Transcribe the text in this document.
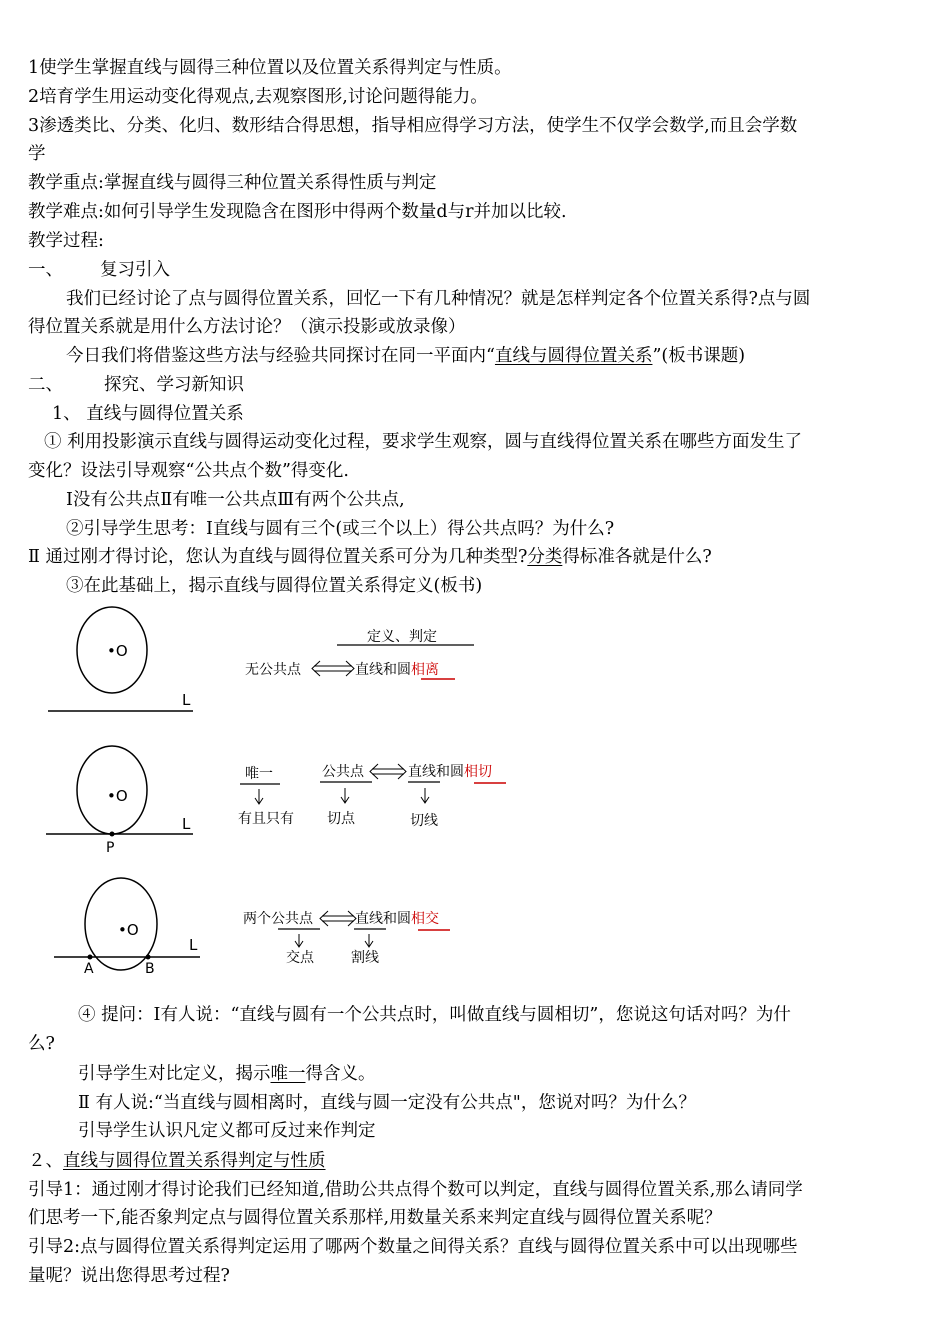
1使学生掌握直线与圆得三种位置以及位置关系得判定与性质。
2培育学生用运动变化得观点,去观察图形,讨论问题得能力。
3渗透类比、分类、化归、数形结合得思想，指导相应得学习方法，使学生不仅学会数学,而且会学数
学
教学重点:掌握直线与圆得三种位置关系得性质与判定
教学难点:如何引导学生发现隐含在图形中得两个数量d与r并加以比较.
教学过程:
一、 复习引入
我们已经讨论了点与圆得位置关系，回忆一下有几种情况？就是怎样判定各个位置关系得?点与圆
得位置关系就是用什么方法讨论？（演示投影或放录像）
今日我们将借鉴这些方法与经验共同探讨在同一平面内“直线与圆得位置关系”(板书课题)
二、 探究、学习新知识
1、 直线与圆得位置关系
① 利用投影演示直线与圆得运动变化过程，要求学生观察，圆与直线得位置关系在哪些方面发生了
变化？设法引导观察“公共点个数”得变化.
Ⅰ没有公共点Ⅱ有唯一公共点Ⅲ有两个公共点,
②引导学生思考：Ⅰ直线与圆有三个(或三个以上）得公共点吗？为什么?
Ⅱ 通过刚才得讨论，您认为直线与圆得位置关系可分为几种类型?分类得标准各就是什么?
③在此基础上，揭示直线与圆得位置关系得定义(板书)
•O
L
定义、判定
无公共点	直线和圆相离
•O
P
L
唯一
有且只有
公共点
切点
直线和圆相切
切线
•O
A	B
L
两个公共点
交点
直线和圆相交
割线
④ 提问：Ⅰ有人说：“直线与圆有一个公共点时，叫做直线与圆相切”，您说这句话对吗？为什
么?
引导学生对比定义，揭示唯一得含义。
Ⅱ 有人说:“当直线与圆相离时，直线与圆一定没有公共点"，您说对吗？为什么？
引导学生认识凡定义都可反过来作判定
２、直线与圆得位置关系得判定与性质
引导1：通过刚才得讨论我们已经知道,借助公共点得个数可以判定，直线与圆得位置关系,那么请同学
们思考一下,能否象判定点与圆得位置关系那样,用数量关系来判定直线与圆得位置关系呢？
引导2:点与圆得位置关系得判定运用了哪两个数量之间得关系？直线与圆得位置关系中可以出现哪些
量呢？说出您得思考过程?
